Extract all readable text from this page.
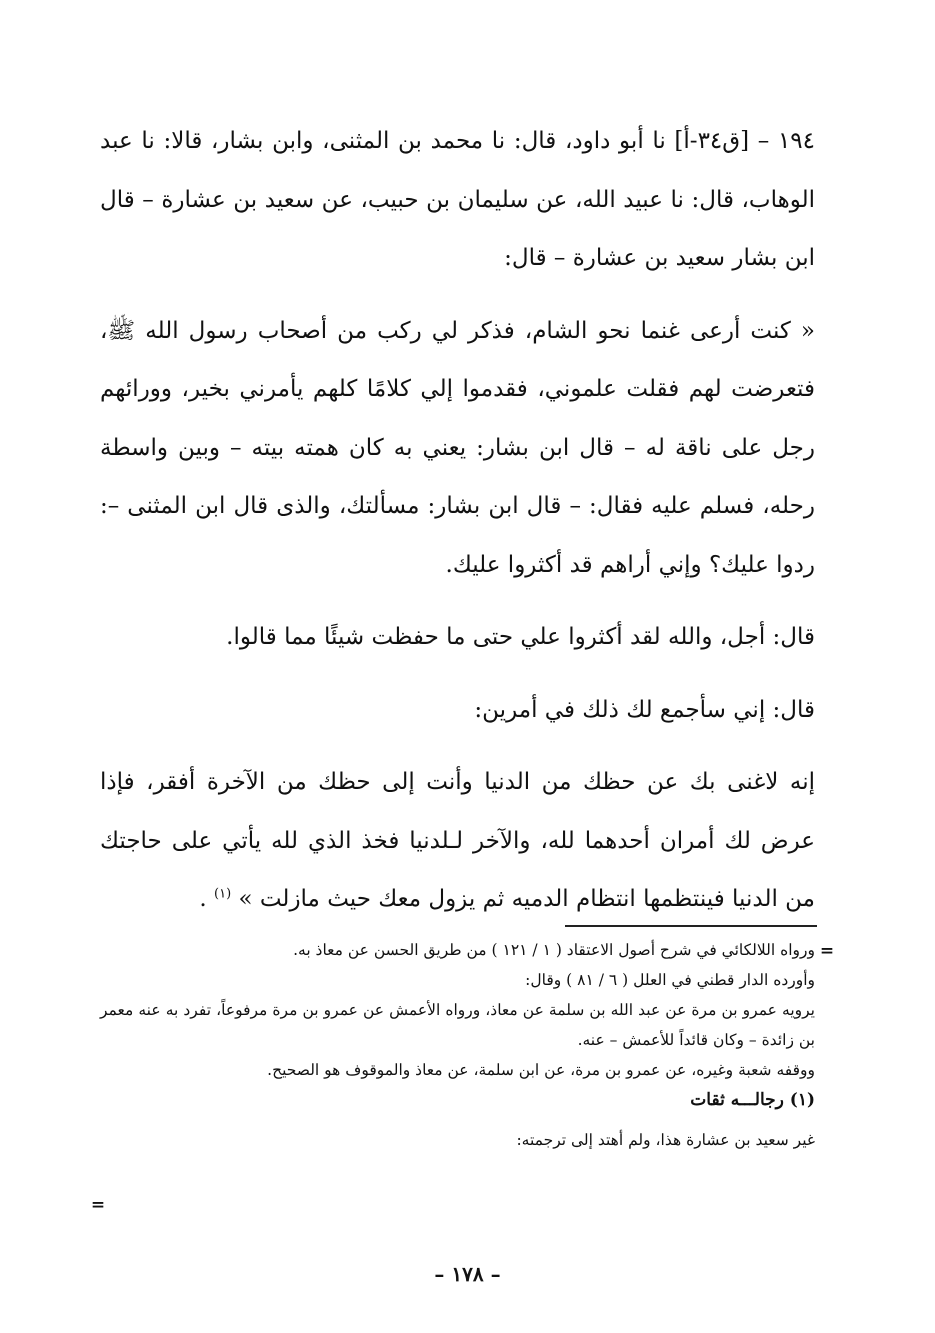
١٩٤ – [ق٣٤-أ] نا أبو داود، قال: نا محمد بن المثنى، وابن بشار، قالا: نا عبد الوهاب، قال: نا عبيد الله، عن سليمان بن حبيب، عن سعيد بن عشارة – قال ابن بشار سعيد بن عشارة – قال:

« كنت أرعى غنما نحو الشام، فذكر لي ركب من أصحاب رسول الله ﷺ، فتعرضت لهم فقلت علموني، فقدموا إلي كلامًا كلهم يأمرني بخير، وورائهم رجل على ناقة له – قال ابن بشار: يعني به كان همته بيته – وبين واسطة رحله، فسلم عليه فقال: – قال ابن بشار: مسألتك، والذى قال ابن المثنى –: ردوا عليك؟ وإني أراهم قد أكثروا عليك.

قال: أجل، والله لقد أكثروا علي حتى ما حفظت شيئًا مما قالوا.

قال: إني سأجمع لك ذلك في أمرين:

إنه لاغنى بك عن حظك من الدنيا وأنت إلى حظك من الآخرة أفقر، فإذا عرض لك أمران أحدهما لله، والآخر لـلدنيا فخذ الذي لله يأتي على حاجتك من الدنيا فينتظمها انتظام الدميه ثم يزول معك حيث مازلت » $^{(١)}$ .

=

ورواه اللالكائي في شرح أصول الاعتقاد ( ١ / ١٢١ ) من طريق الحسن عن معاذ به.

وأورده الدار قطني في العلل ( ٦ / ٨١ ) وقال:

يرويه عمرو بن مرة عن عبد الله بن سلمة عن معاذ، ورواه الأعمش عن عمرو بن مرة مرفوعاً، تفرد به عنه معمر بن زائدة – وكان قائداً للأعمش – عنه.

ووقفه شعبة وغيره، عن عمرو بن مرة، عن ابن سلمة، عن معاذ والموقوف هو الصحيح.

(١) رجالـــه ثقات

غير سعيد بن عشارة هذا، ولم أهتد إلى ترجمته:

=
– ١٧٨ –
